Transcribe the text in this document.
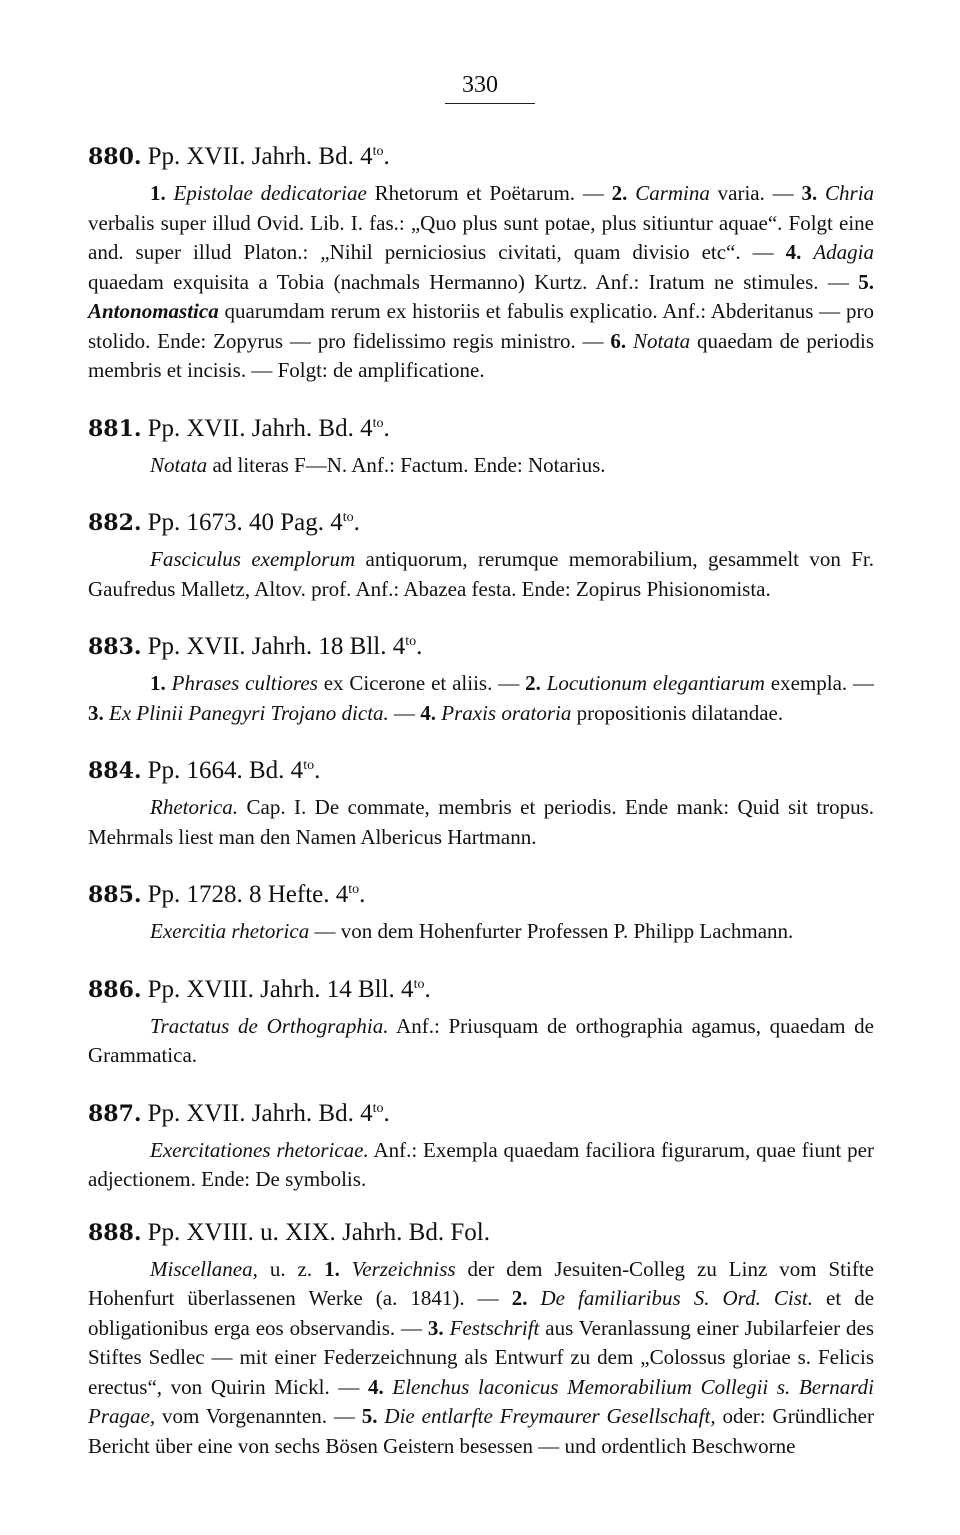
330
880. Pp. XVII. Jahrh. Bd. $4^{to}$.

1. Epistolae dedicatoriae Rhetorum et Poëtarum. — 2. Carmina varia. — 3. Chria verbalis super illud Ovid. Lib. I. fas.: „Quo plus sunt potae, plus sitiuntur aquae“. Folgt eine and. super illud Platon.: „Nihil perniciosius civitati, quam divisio etc“. — 4. Adagia quaedam exquisita a Tobia (nachmals Hermanno) Kurtz. Anf.: Iratum ne stimules. — 5. Antonomastica quarumdam rerum ex historiis et fabulis explicatio. Anf.: Abderitanus — pro stolido. Ende: Zopyrus — pro fidelissimo regis ministro. — 6. Notata quaedam de periodis membris et incisis. — Folgt: de amplificatione.

881. Pp. XVII. Jahrh. Bd. $4^{to}$.

Notata ad literas F—N. Anf.: Factum. Ende: Notarius.

882. Pp. 1673. 40 Pag. $4^{to}$.

Fasciculus exemplorum antiquorum, rerumque memorabilium, gesammelt von Fr. Gaufredus Malletz, Altov. prof. Anf.: Abazea festa. Ende: Zopirus Phisionomista.

883. Pp. XVII. Jahrh. 18 Bll. $4^{to}$.

1. Phrases cultiores ex Cicerone et aliis. — 2. Locutionum elegantiarum exempla. — 3. Ex Plinii Panegyri Trojano dicta. — 4. Praxis oratoria propositionis dilatandae.

884. Pp. 1664. Bd. $4^{to}$.

Rhetorica. Cap. I. De commate, membris et periodis. Ende mank: Quid sit tropus. Mehrmals liest man den Namen Albericus Hartmann.

885. Pp. 1728. 8 Hefte. $4^{to}$.

Exercitia rhetorica — von dem Hohenfurter Professen P. Philipp Lachmann.

886. Pp. XVIII. Jahrh. 14 Bll. $4^{to}$.

Tractatus de Orthographia. Anf.: Priusquam de orthographia agamus, quaedam de Grammatica.

887. Pp. XVII. Jahrh. Bd. $4^{to}$.

Exercitationes rhetoricae. Anf.: Exempla quaedam faciliora figurarum, quae fiunt per adjectionem. Ende: De symbolis.

888. Pp. XVIII. u. XIX. Jahrh. Bd. Fol.

Miscellanea, u. z. 1. Verzeichniss der dem Jesuiten-Colleg zu Linz vom Stifte Hohenfurt überlassenen Werke (a. 1841). — 2. De familiaribus S. Ord. Cist. et de obligationibus erga eos observandis. — 3. Festschrift aus Veranlassung einer Jubilarfeier des Stiftes Sedlec — mit einer Federzeichnung als Entwurf zu dem „Colossus gloriae s. Felicis erectus“, von Quirin Mickl. — 4. Elenchus laconicus Memorabilium Collegii s. Bernardi Pragae, vom Vorgenannten. — 5. Die entlarfte Freymaurer Gesellschaft, oder: Gründlicher Bericht über eine von sechs Bösen Geistern besessen — und ordentlich Beschworne
